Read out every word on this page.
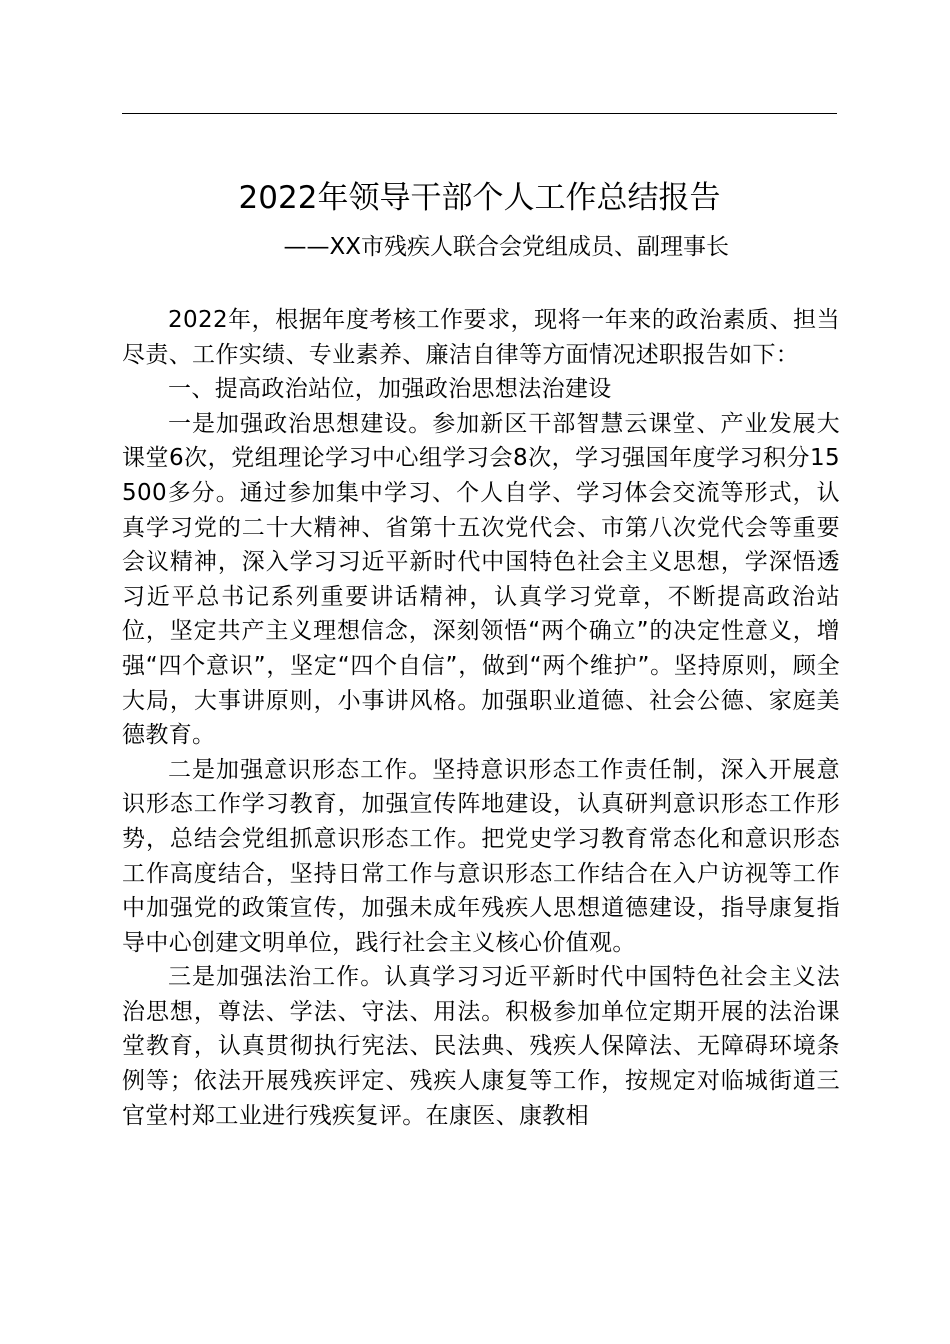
2022年领导干部个人工作总结报告
——XX市残疾人联合会党组成员、副理事长

2022年，根据年度考核工作要求，现将一年来的政治素质、担当尽责、工作实绩、专业素养、廉洁自律等方面情况述职报告如下：

一、提高政治站位，加强政治思想法治建设

一是加强政治思想建设。参加新区干部智慧云课堂、产业发展大课堂6次，党组理论学习中心组学习会8次，学习强国年度学习积分15500多分。通过参加集中学习、个人自学、学习体会交流等形式，认真学习党的二十大精神、省第十五次党代会、市第八次党代会等重要会议精神，深入学习习近平新时代中国特色社会主义思想，学深悟透习近平总书记系列重要讲话精神，认真学习党章，不断提高政治站位，坚定共产主义理想信念，深刻领悟“两个确立”的决定性意义，增强“四个意识”，坚定“四个自信”，做到“两个维护”。坚持原则，顾全大局，大事讲原则，小事讲风格。加强职业道德、社会公德、家庭美德教育。

二是加强意识形态工作。坚持意识形态工作责任制，深入开展意识形态工作学习教育，加强宣传阵地建设，认真研判意识形态工作形势，总结会党组抓意识形态工作。把党史学习教育常态化和意识形态工作高度结合，坚持日常工作与意识形态工作结合在入户访视等工作中加强党的政策宣传，加强未成年残疾人思想道德建设，指导康复指导中心创建文明单位，践行社会主义核心价值观。

三是加强法治工作。认真学习习近平新时代中国特色社会主义法治思想，尊法、学法、守法、用法。积极参加单位定期开展的法治课堂教育，认真贯彻执行宪法、民法典、残疾人保障法、无障碍环境条例等；依法开展残疾评定、残疾人康复等工作，按规定对临城街道三官堂村郑工业进行残疾复评。在康医、康教相
